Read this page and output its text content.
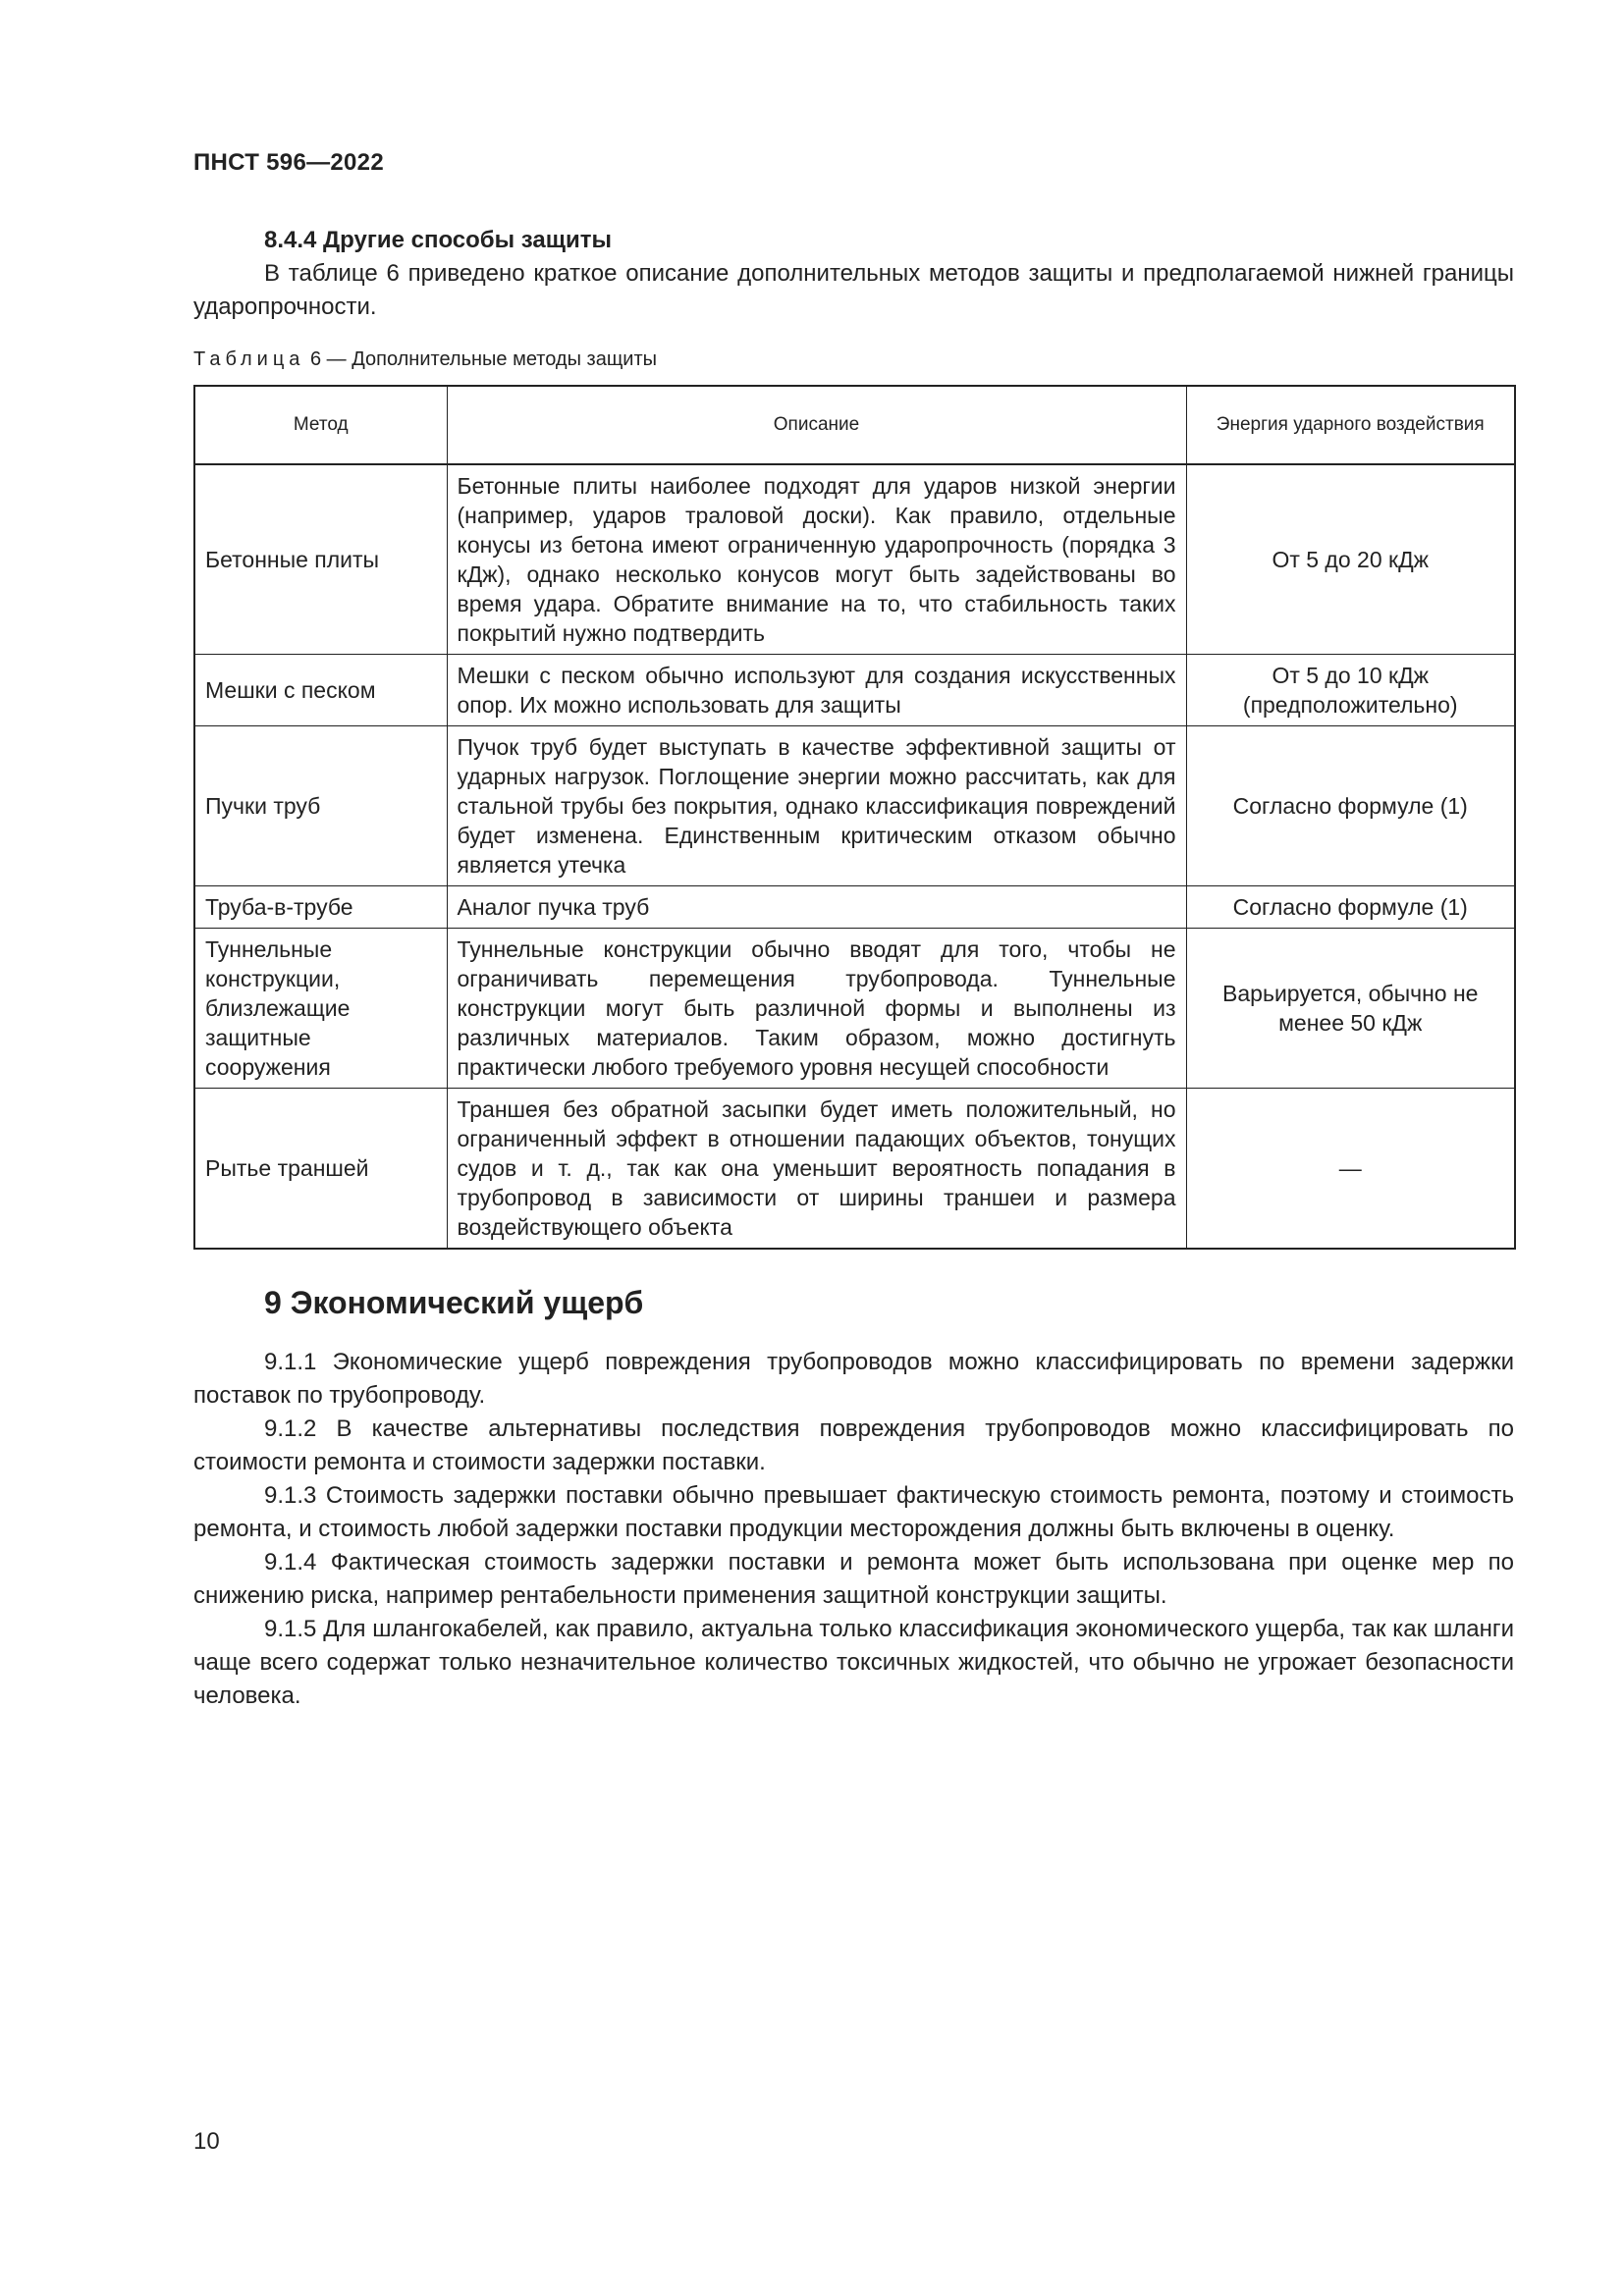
ПНСТ 596—2022

8.4.4 Другие способы защиты

В таблице 6 приведено краткое описание дополнительных методов защиты и предполагаемой нижней границы ударопрочности.

Таблица 6 — Дополнительные методы защиты
Метод	Описание	Энергия ударного воздействия
Бетонные плиты	Бетонные плиты наиболее подходят для ударов низкой энергии (например, ударов траловой доски). Как правило, отдельные конусы из бетона имеют ограниченную ударопрочность (порядка 3 кДж), однако несколько конусов могут быть задействованы во время удара. Обратите внимание на то, что стабильность таких покрытий нужно подтвердить	От 5 до 20 кДж
Мешки с песком	Мешки с песком обычно используют для создания искусственных опор. Их можно использовать для защиты	От 5 до 10 кДж (предположительно)
Пучки труб	Пучок труб будет выступать в качестве эффективной защиты от ударных нагрузок. Поглощение энергии можно рассчитать, как для стальной трубы без покрытия, однако классификация повреждений будет изменена. Единственным критическим отказом обычно является утечка	Согласно формуле (1)
Труба-в-трубе	Аналог пучка труб	Согласно формуле (1)
Туннельные конструкции, близлежащие защитные сооружения	Туннельные конструкции обычно вводят для того, чтобы не ограничивать перемещения трубопровода. Туннельные конструкции могут быть различной формы и выполнены из различных материалов. Таким образом, можно достигнуть практически любого требуемого уровня несущей способности	Варьируется, обычно не менее 50 кДж
Рытье траншей	Траншея без обратной засыпки будет иметь положительный, но ограниченный эффект в отношении падающих объектов, тонущих судов и т. д., так как она уменьшит вероятность попадания в трубопровод в зависимости от ширины траншеи и размера воздействующего объекта	—
9 Экономический ущерб

9.1.1 Экономические ущерб повреждения трубопроводов можно классифицировать по времени задержки поставок по трубопроводу.

9.1.2 В качестве альтернативы последствия повреждения трубопроводов можно классифицировать по стоимости ремонта и стоимости задержки поставки.

9.1.3 Стоимость задержки поставки обычно превышает фактическую стоимость ремонта, поэтому и стоимость ремонта, и стоимость любой задержки поставки продукции месторождения должны быть включены в оценку.

9.1.4 Фактическая стоимость задержки поставки и ремонта может быть использована при оценке мер по снижению риска, например рентабельности применения защитной конструкции защиты.

9.1.5 Для шлангокабелей, как правило, актуальна только классификация экономического ущерба, так как шланги чаще всего содержат только незначительное количество токсичных жидкостей, что обычно не угрожает безопасности человека.

10
